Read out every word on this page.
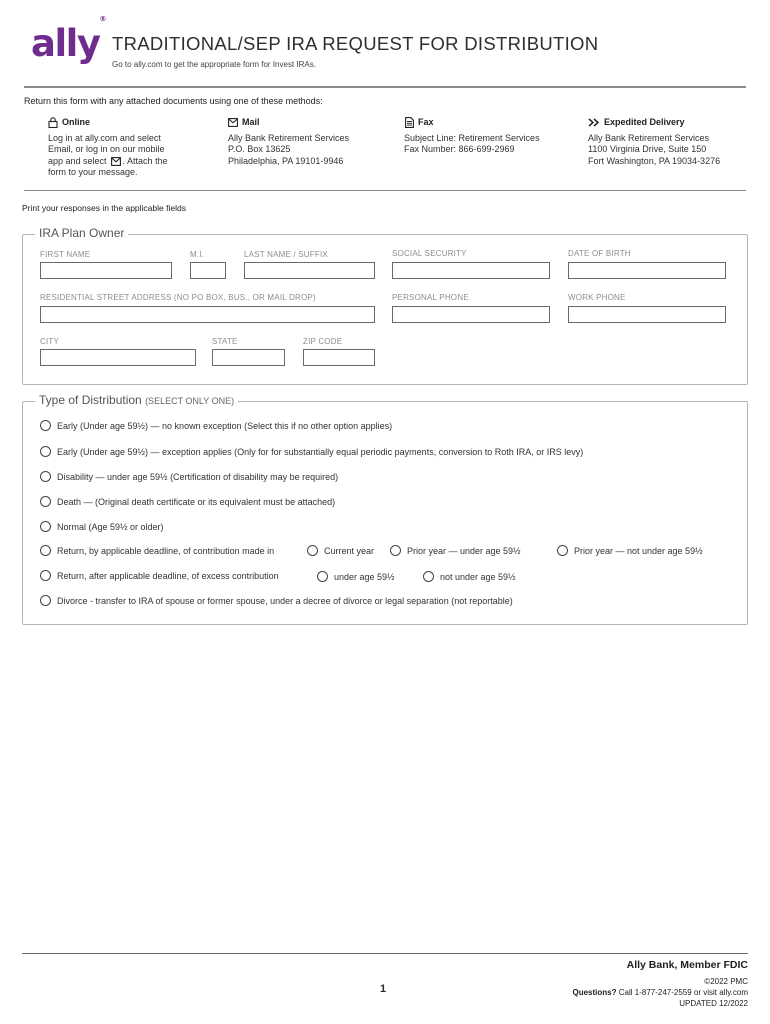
ally®
TRADITIONAL/SEP IRA REQUEST FOR DISTRIBUTION
Go to ally.com to get the appropriate form for Invest IRAs.
Return this form with any attached documents using one of these methods:
Online
Log in at ally.com and select
Email, or log in on our mobile
app and select . Attach the
form to your message.
Mail
Ally Bank Retirement Services
P.O. Box 13625
Philadelphia, PA 19101-9946
Fax
Subject Line: Retirement Services
Fax Number: 866-699-2969
Expedited Delivery
Ally Bank Retirement Services
1100 Virginia Drive, Suite 150
Fort Washington, PA 19034-3276
Print your responses in the applicable fields
IRA Plan Owner
FIRST NAME	M.I.	LAST NAME / SUFFIX	SOCIAL SECURITY	DATE OF BIRTH
RESIDENTIAL STREET ADDRESS (NO PO BOX, BUS., OR MAIL DROP)	PERSONAL PHONE	WORK PHONE
CITY	STATE	ZIP CODE
Type of Distribution (SELECT ONLY ONE)
Early (Under age 59½) — no known exception (Select this if no other option applies)
Early (Under age 59½) — exception applies (Only for for substantially equal periodic payments, conversion to Roth IRA, or IRS levy)
Disability — under age 59½ (Certification of disability may be required)
Death — (Original death certificate or its equivalent must be attached)
Normal (Age 59½ or older)
Return, by applicable deadline, of contribution made in	Current year	Prior year — under age 59½	Prior year — not under age 59½
Return, after applicable deadline, of excess contribution	under age 59½	not under age 59½
Divorce - transfer to IRA of spouse or former spouse, under a decree of divorce or legal separation (not reportable)
Ally Bank, Member FDIC
1
©2022 PMC
Questions? Call 1-877-247-2559 or visit ally.com
UPDATED 12/2022
